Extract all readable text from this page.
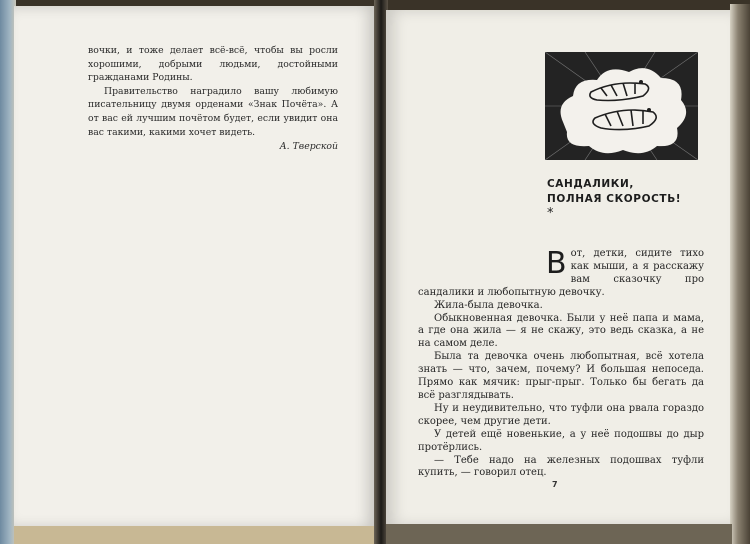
вочки, и тоже делает всё-всё, чтобы вы росли хорошими, добрыми людьми, достойными гражданами Родины.

Правительство наградило вашу любимую писательницу двумя орденами «Знак Почёта». А от вас ей лучшим почётом будет, если увидит она вас такими, какими хочет видеть.

А. Тверской
САНДАЛИКИ,
ПОЛНАЯ СКОРОСТЬ!
*

Вот, детки, сидите тихо как мыши, а я расскажу вам сказочку про сандалики и любопытную девочку.

Жила-была девочка.

Обыкновенная девочка. Были у неё папа и мама, а где она жила — я не скажу, это ведь сказка, а не на самом деле.

Была та девочка очень любопытная, всё хотела знать — что, зачем, почему? И большая непоседа. Прямо как мячик: прыг-прыг. Только бы бегать да всё разглядывать.

Ну и неудивительно, что туфли она рвала гораздо скорее, чем другие дети.

У детей ещё новенькие, а у неё подошвы до дыр протёрлись.

— Тебе надо на железных подошвах туфли купить, — говорил отец.

7
